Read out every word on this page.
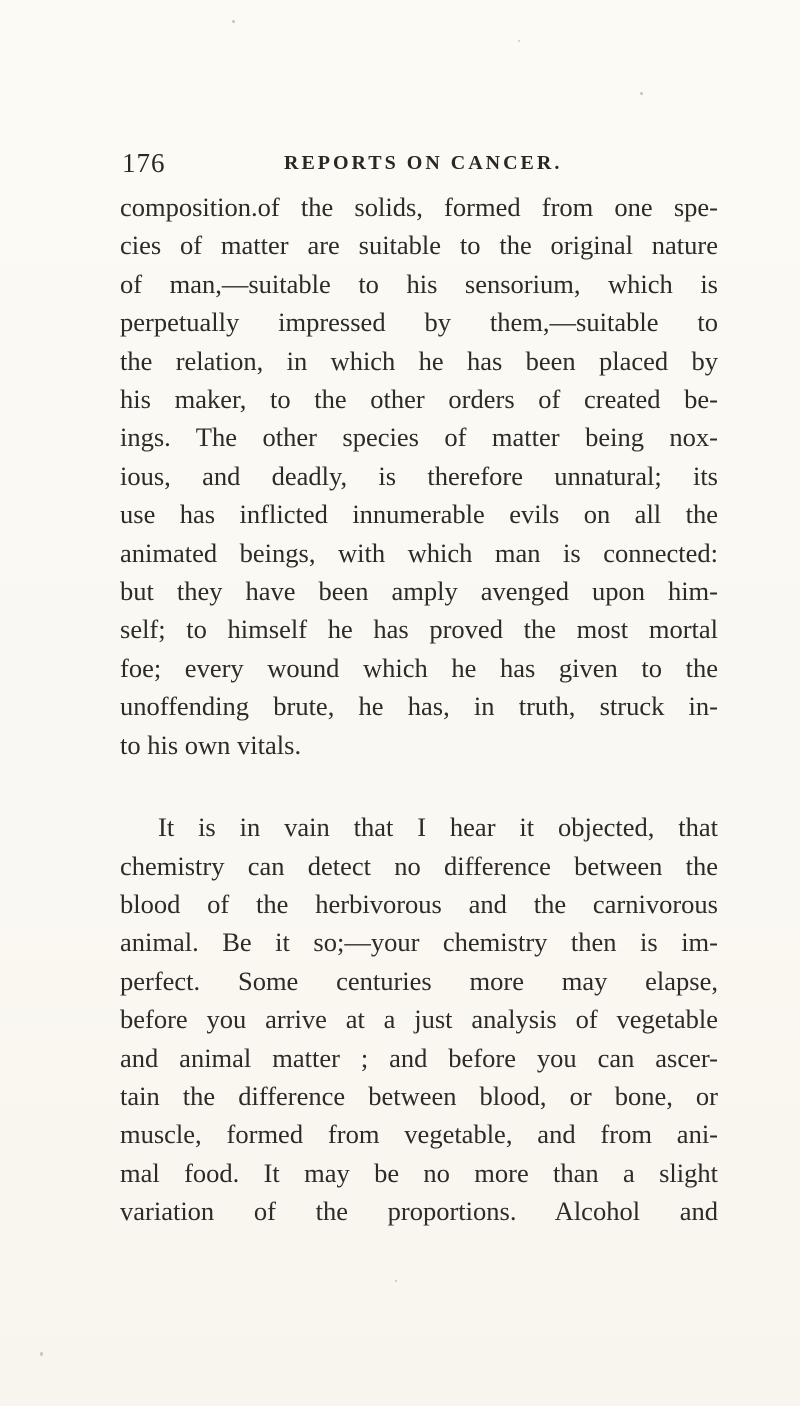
176	REPORTS ON CANCER.
composition.of the solids, formed from one spe-
cies of matter are suitable to the original nature
of man,—suitable to his sensorium, which is
perpetually impressed by them,—suitable to
the relation, in which he has been placed by
his maker, to the other orders of created be-
ings. The other species of matter being nox-
ious, and deadly, is therefore unnatural; its
use has inflicted innumerable evils on all the
animated beings, with which man is connected:
but they have been amply avenged upon him-
self; to himself he has proved the most mortal
foe; every wound which he has given to the
unoffending brute, he has, in truth, struck in-
to his own vitals.
It is in vain that I hear it objected, that
chemistry can detect no difference between the
blood of the herbivorous and the carnivorous
animal. Be it so;—your chemistry then is im-
perfect. Some centuries more may elapse,
before you arrive at a just analysis of vegetable
and animal matter ; and before you can ascer-
tain the difference between blood, or bone, or
muscle, formed from vegetable, and from ani-
mal food. It may be no more than a slight
variation of the proportions. Alcohol and
